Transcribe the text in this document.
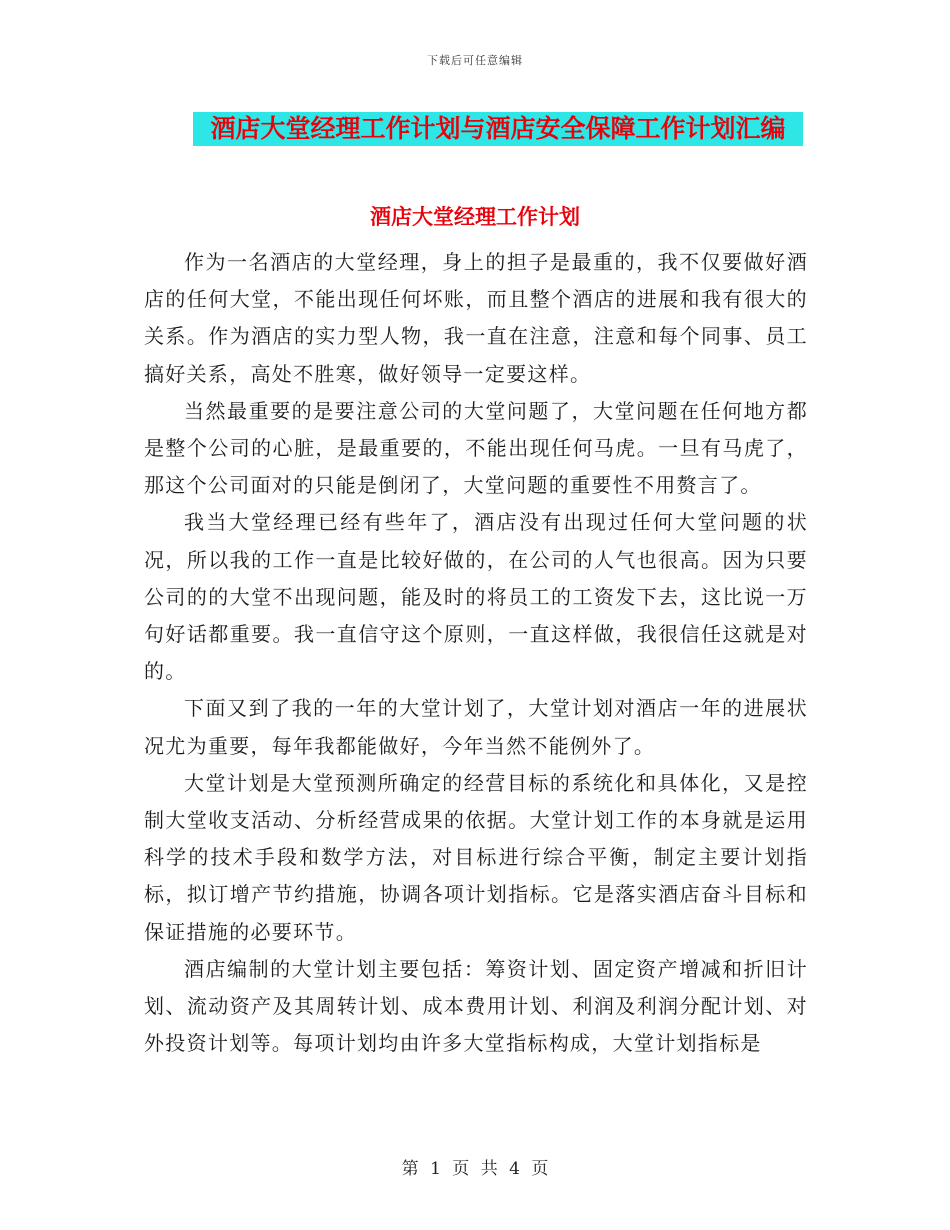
下载后可任意编辑
酒店大堂经理工作计划与酒店安全保障工作计划汇编
酒店大堂经理工作计划

作为一名酒店的大堂经理，身上的担子是最重的，我不仅要做好酒店的任何大堂，不能出现任何坏账，而且整个酒店的进展和我有很大的关系。作为酒店的实力型人物，我一直在注意，注意和每个同事、员工搞好关系，高处不胜寒，做好领导一定要这样。

当然最重要的是要注意公司的大堂问题了，大堂问题在任何地方都是整个公司的心脏，是最重要的，不能出现任何马虎。一旦有马虎了，那这个公司面对的只能是倒闭了，大堂问题的重要性不用赘言了。

我当大堂经理已经有些年了，酒店没有出现过任何大堂问题的状况，所以我的工作一直是比较好做的，在公司的人气也很高。因为只要公司的的大堂不出现问题，能及时的将员工的工资发下去，这比说一万句好话都重要。我一直信守这个原则，一直这样做，我很信任这就是对的。

下面又到了我的一年的大堂计划了，大堂计划对酒店一年的进展状况尤为重要，每年我都能做好，今年当然不能例外了。

大堂计划是大堂预测所确定的经营目标的系统化和具体化，又是控制大堂收支活动、分析经营成果的依据。大堂计划工作的本身就是运用科学的技术手段和数学方法，对目标进行综合平衡，制定主要计划指标，拟订增产节约措施，协调各项计划指标。它是落实酒店奋斗目标和保证措施的必要环节。

酒店编制的大堂计划主要包括：筹资计划、固定资产增减和折旧计划、流动资产及其周转计划、成本费用计划、利润及利润分配计划、对外投资计划等。每项计划均由许多大堂指标构成，大堂计划指标是

第 1 页 共 4 页
